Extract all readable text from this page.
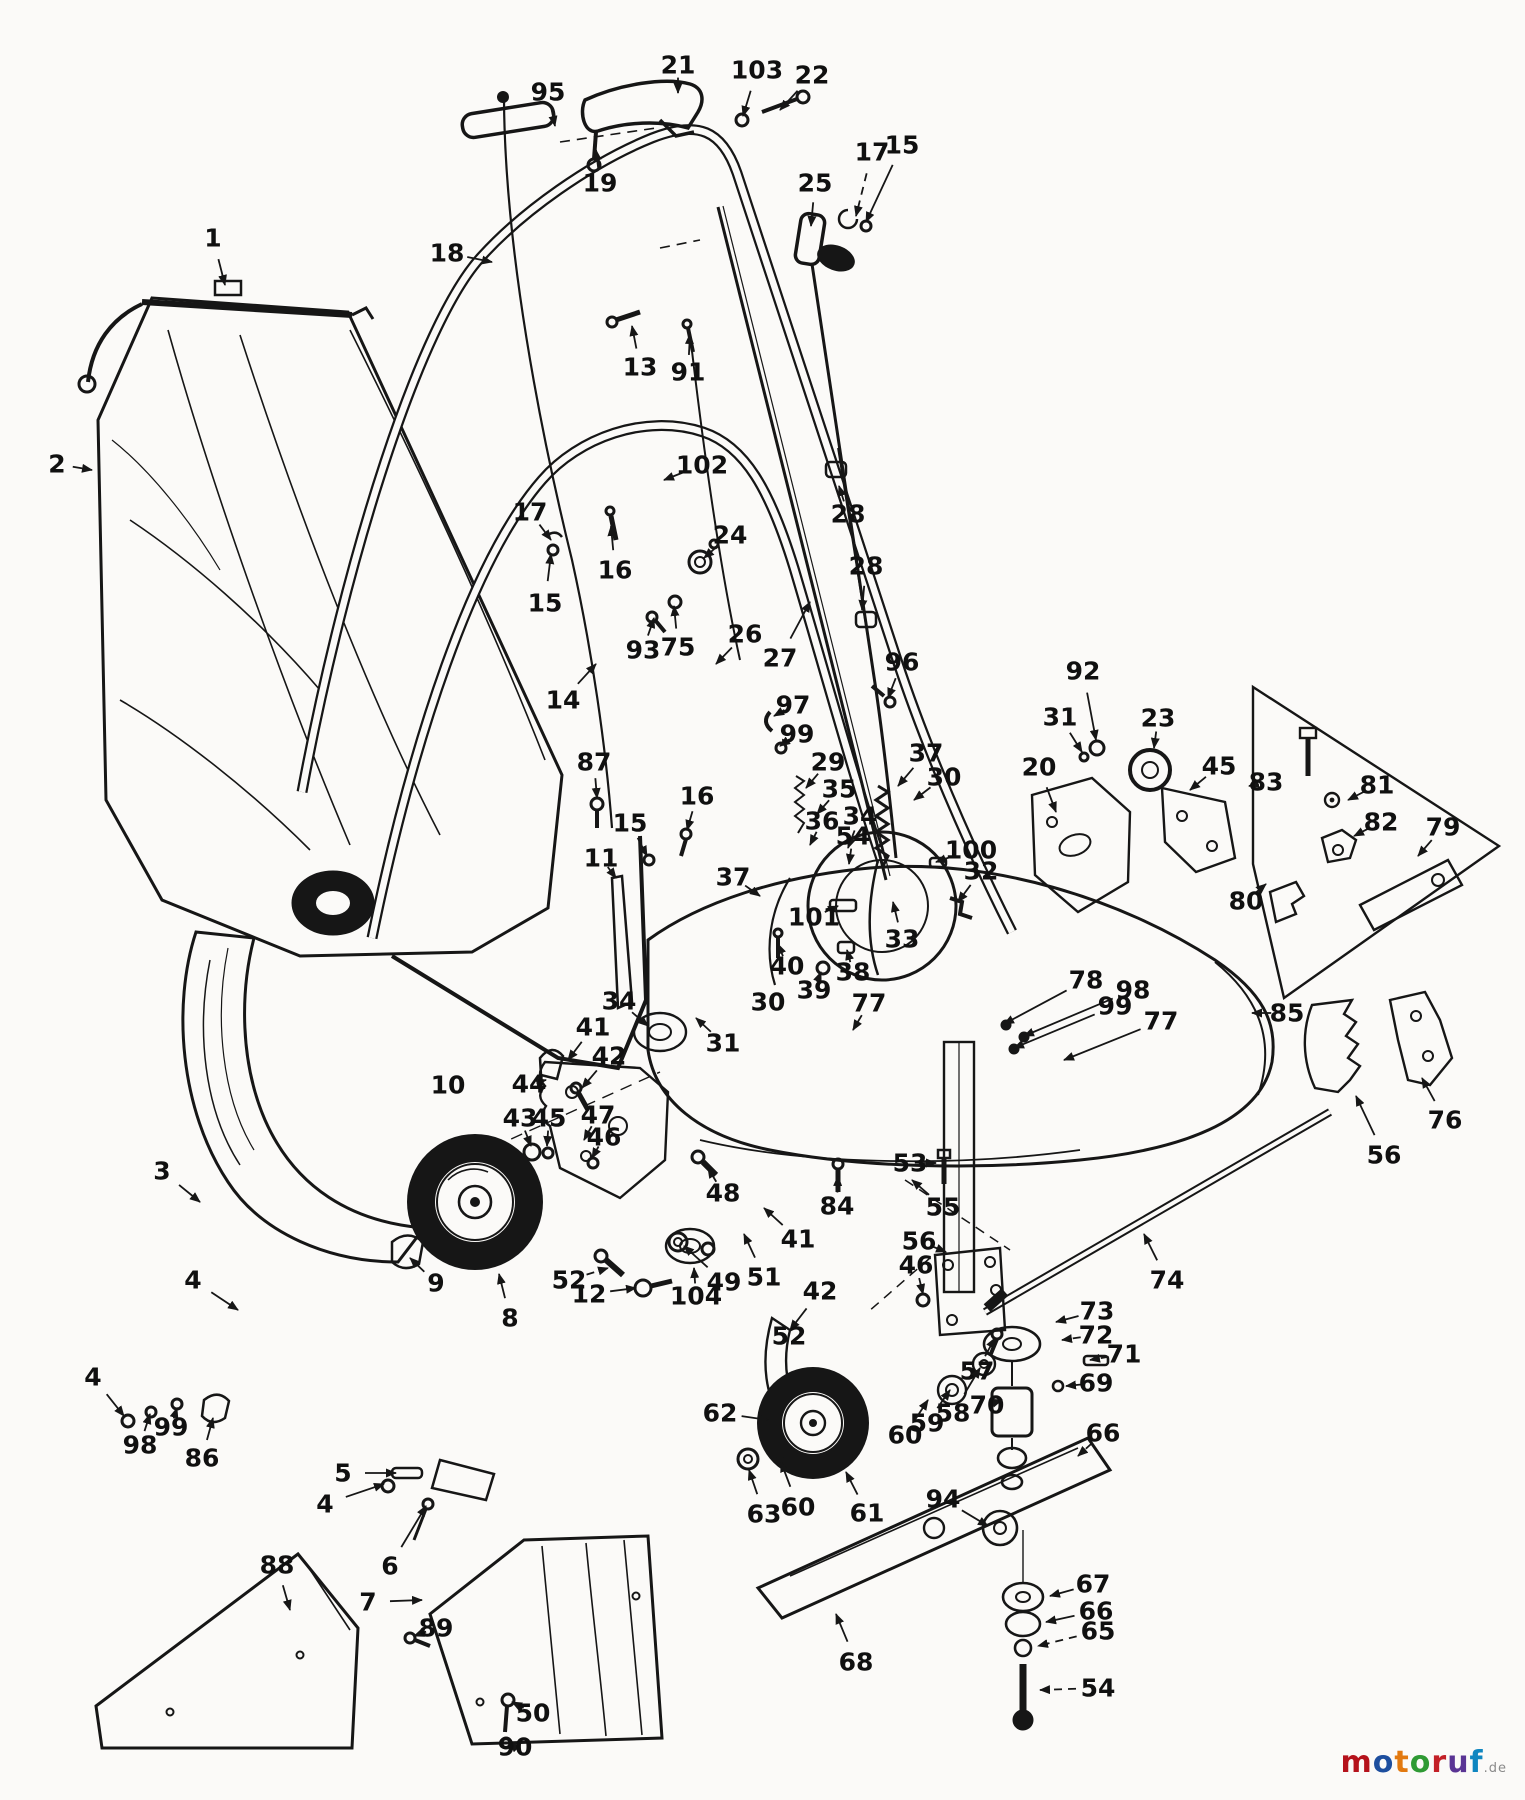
1
2
95
21 103 22
19
18
25
17
15
13 91
102
17
16
15
24
93 75 26
27
14
28
28
96	92
31	23
45
20
97
99
29
35
36 34
54
37
30
100
32
33
101
87
16
15
11
37
40
39
38
30
31
77
78 98
99
77	85
80
83	81
82 79
76
56
10
41
42
44
43
45 47
46
34
9
8
52
12	104
48
49 51
41
42
53
84	55
56
46
57
58
59
60
70
73
72
71
69
74
66
62
52
63 60 61 94
68
67
66
65
54
3
4
4
98
99
86
5
4
6
88
7
89
50
90	motoruf.de
